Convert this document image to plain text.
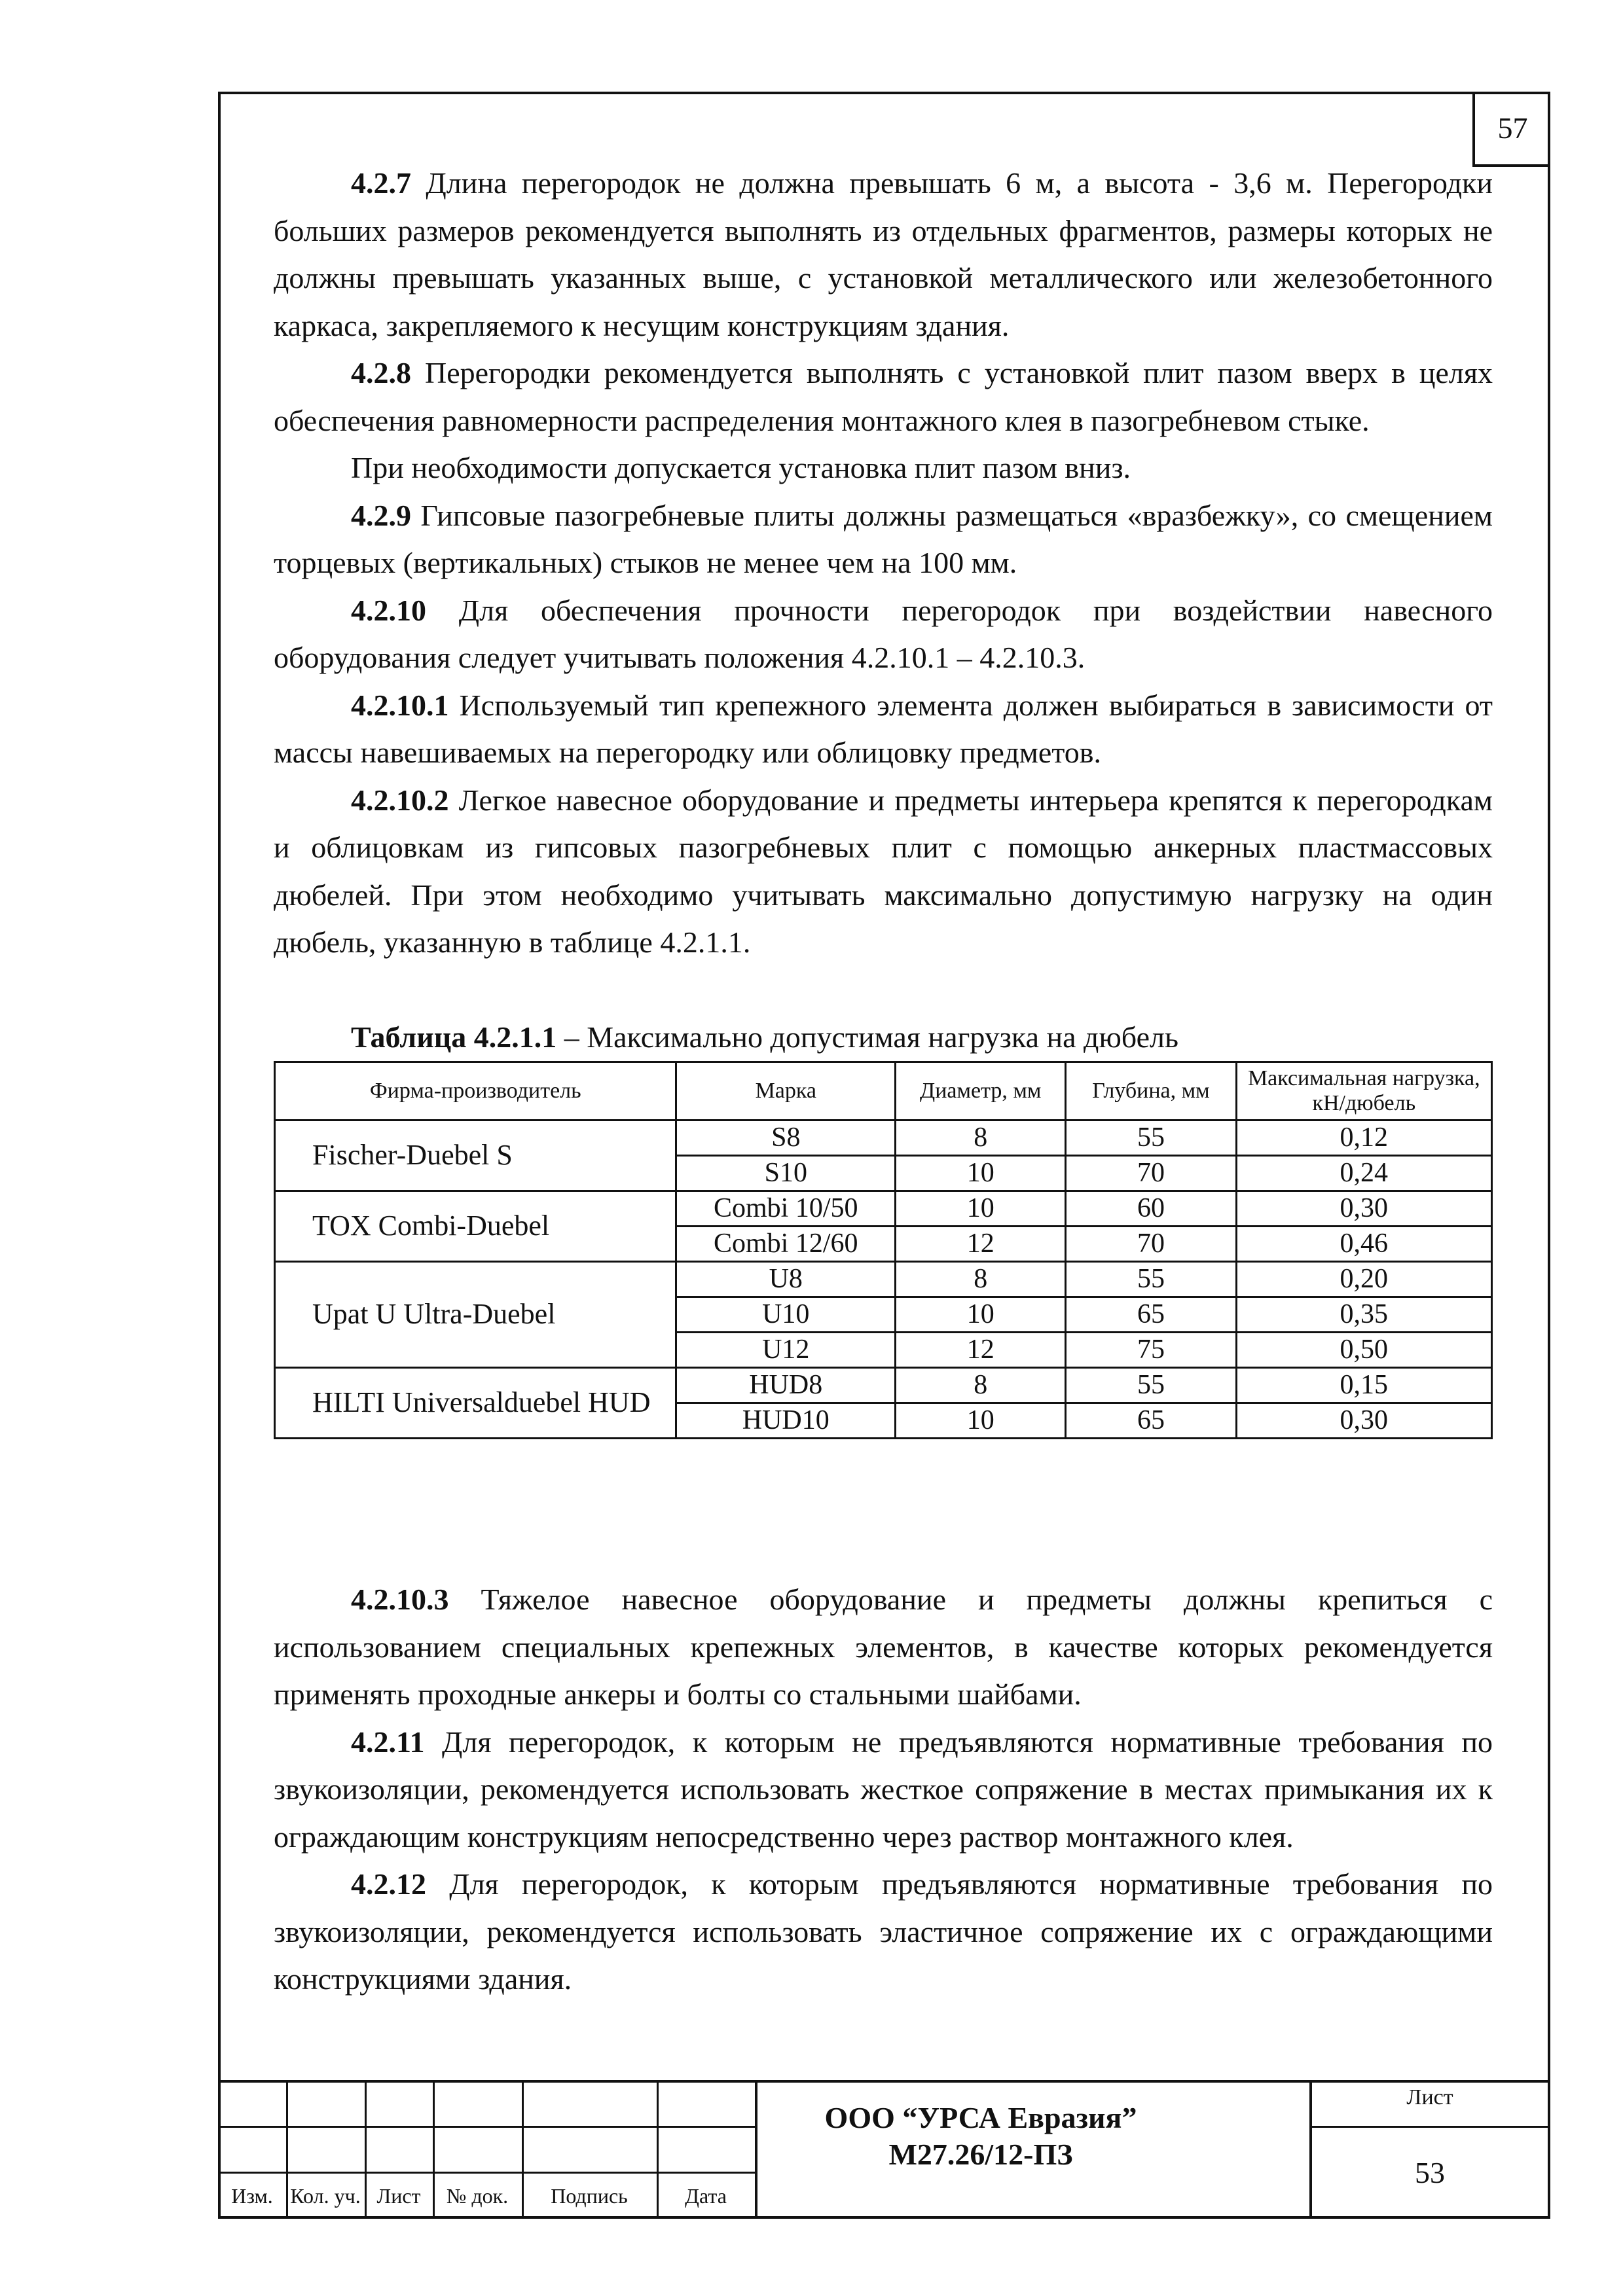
57

4.2.7 Длина перегородок не должна превышать 6 м, а высота - 3,6 м. Перегородки больших размеров рекомендуется выполнять из отдельных фрагментов, размеры которых не должны превышать указанных выше, с установкой металлического или железобетонного каркаса, закрепляемого к несущим конструкциям здания.

4.2.8 Перегородки рекомендуется выполнять с установкой плит пазом вверх в целях обеспечения равномерности распределения монтажного клея в пазогребневом стыке.

При необходимости допускается установка плит пазом вниз.

4.2.9 Гипсовые пазогребневые плиты должны размещаться «вразбежку», со смещением торцевых (вертикальных) стыков не менее чем на 100 мм.

4.2.10 Для обеспечения прочности перегородок при воздействии навесного оборудования следует учитывать положения 4.2.10.1 – 4.2.10.3.

4.2.10.1 Используемый тип крепежного элемента должен выбираться в зависимости от массы навешиваемых на перегородку или облицовку предметов.

4.2.10.2 Легкое навесное оборудование и предметы интерьера крепятся к перегородкам и облицовкам из гипсовых пазогребневых плит с помощью анкерных пластмассовых дюбелей. При этом необходимо учитывать максимально допустимую нагрузку на один дюбель, указанную в таблице 4.2.1.1.

Таблица 4.2.1.1 – Максимально допустимая нагрузка на дюбель
Фирма-производитель	Марка	Диаметр, мм	Глубина, мм	Максимальная нагрузка, кН/дюбель
Fischer-Duebel S	S8	8	55	0,12
	S10	10	70	0,24
TOX Combi-Duebel	Combi 10/50	10	60	0,30
	Combi 12/60	12	70	0,46
Upat U Ultra-Duebel	U8	8	55	0,20
	U10	10	65	0,35
	U12	12	75	0,50
HILTI Universalduebel HUD	HUD8	8	55	0,15
	HUD10	10	65	0,30

4.2.10.3 Тяжелое навесное оборудование и предметы должны крепиться с использованием специальных крепежных элементов, в качестве которых рекомендуется применять проходные анкеры и болты со стальными шайбами.

4.2.11 Для перегородок, к которым не предъявляются нормативные требования по звукоизоляции, рекомендуется использовать жесткое сопряжение в местах примыкания их к ограждающим конструкциям непосредственно через раствор монтажного клея.

4.2.12 Для перегородок, к которым предъявляются нормативные требования по звукоизоляции, рекомендуется использовать эластичное сопряжение их с ограждающими конструкциями здания.

Изм. Кол. уч. Лист	№ док.	Подпись	Дата
ООО “УРСА Евразия”
М27.26/12-ПЗ
Лист
53
